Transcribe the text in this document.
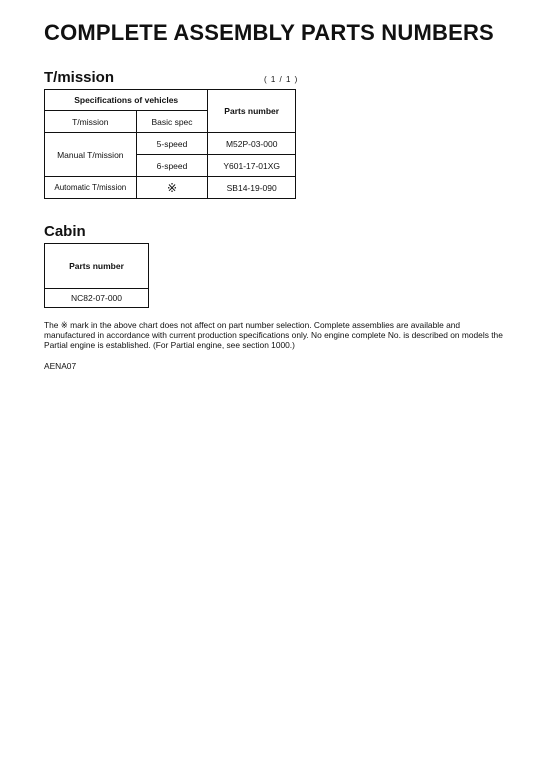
COMPLETE ASSEMBLY PARTS NUMBERS
T/mission	( 1 / 1 )
Specifications of vehicles		Parts number
T/mission	Basic spec	
Manual T/mission	5-speed	M52P-03-000
	6-speed	Y601-17-01XG
Automatic T/mission	※	SB14-19-090
Cabin
Parts number
NC82-07-000
The ※ mark in the above chart does not affect on part number selection. Complete assemblies are available and manufactured in accordance with current production specifications only. No engine complete No. is described on models the Partial engine is established. (For Partial engine, see section 1000.)
AENA07
